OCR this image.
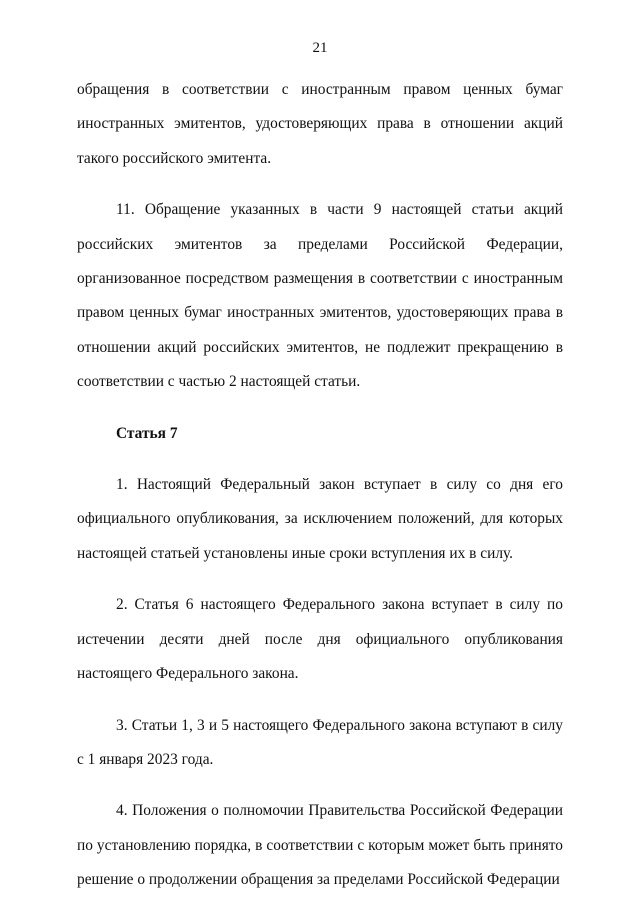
21

обращения в соответствии с иностранным правом ценных бумаг иностранных эмитентов, удостоверяющих права в отношении акций такого российского эмитента.

11. Обращение указанных в части 9 настоящей статьи акций российских эмитентов за пределами Российской Федерации, организованное посредством размещения в соответствии с иностранным правом ценных бумаг иностранных эмитентов, удостоверяющих права в отношении акций российских эмитентов, не подлежит прекращению в соответствии с частью 2 настоящей статьи.

Статья 7

1. Настоящий Федеральный закон вступает в силу со дня его официального опубликования, за исключением положений, для которых настоящей статьей установлены иные сроки вступления их в силу.

2. Статья 6 настоящего Федерального закона вступает в силу по истечении десяти дней после дня официального опубликования настоящего Федерального закона.

3. Статьи 1, 3 и 5 настоящего Федерального закона вступают в силу с 1 января 2023 года.

4. Положения о полномочии Правительства Российской Федерации по установлению порядка, в соответствии с которым может быть принято решение о продолжении обращения за пределами Российской Федерации
